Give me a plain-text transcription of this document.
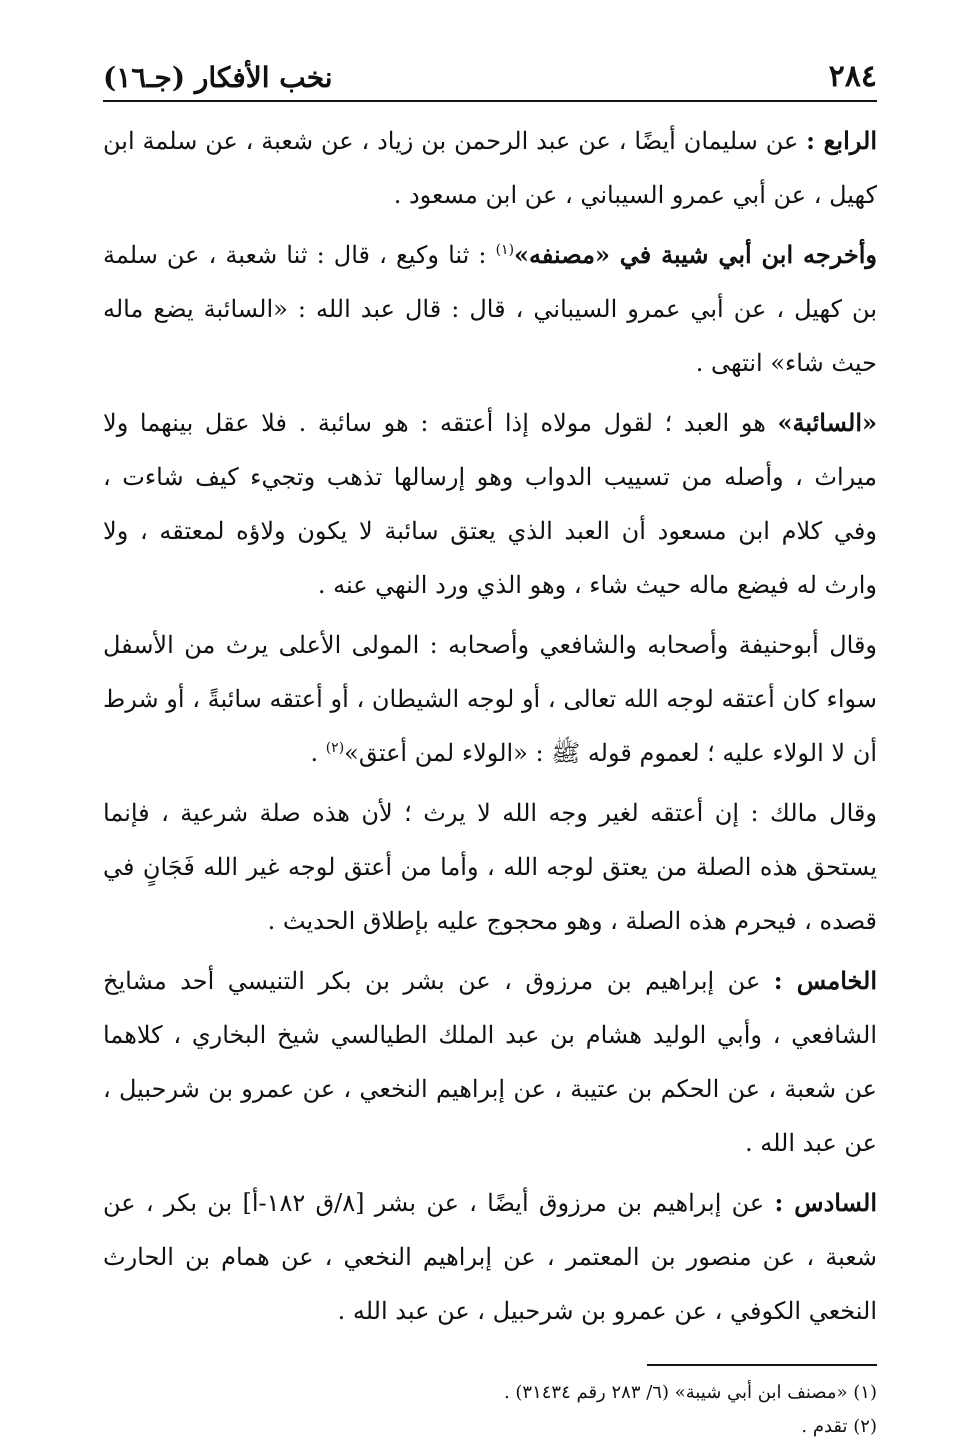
٢٨٤
نخب الأفكار (جـ١٦)

الرابع : عن سليمان أيضًا ، عن عبد الرحمن بن زياد ، عن شعبة ، عن سلمة ابن كهيل ، عن أبي عمرو السيباني ، عن ابن مسعود .

وأخرجه ابن أبي شيبة في «مصنفه»$^{(١)}$ : ثنا وكيع ، قال : ثنا شعبة ، عن سلمة بن كهيل ، عن أبي عمرو السيباني ، قال : قال عبد الله : «السائبة يضع ماله حيث شاء» انتهى .

«السائبة» هو العبد ؛ لقول مولاه إذا أعتقه : هو سائبة . فلا عقل بينهما ولا ميراث ، وأصله من تسييب الدواب وهو إرسالها تذهب وتجيء كيف شاءت ، وفي كلام ابن مسعود أن العبد الذي يعتق سائبة لا يكون ولاؤه لمعتقه ، ولا وارث له فيضع ماله حيث شاء ، وهو الذي ورد النهي عنه .

وقال أبوحنيفة وأصحابه والشافعي وأصحابه : المولى الأعلى يرث من الأسفل سواء كان أعتقه لوجه الله تعالى ، أو لوجه الشيطان ، أو أعتقه سائبةً ، أو شرط أن لا الولاء عليه ؛ لعموم قوله ﷺ : «الولاء لمن أعتق»$^{(٢)}$ .

وقال مالك : إن أعتقه لغير وجه الله لا يرث ؛ لأن هذه صلة شرعية ، فإنما يستحق هذه الصلة من يعتق لوجه الله ، وأما من أعتق لوجه غير الله فَجَانٍ في قصده ، فيحرم هذه الصلة ، وهو محجوج عليه بإطلاق الحديث .

الخامس : عن إبراهيم بن مرزوق ، عن بشر بن بكر التنيسي أحد مشايخ الشافعي ، وأبي الوليد هشام بن عبد الملك الطيالسي شيخ البخاري ، كلاهما عن شعبة ، عن الحكم بن عتيبة ، عن إبراهيم النخعي ، عن عمرو بن شرحبيل ، عن عبد الله .

السادس : عن إبراهيم بن مرزوق أيضًا ، عن بشر [٨/ق ١٨٢-أ] بن بكر ، عن شعبة ، عن منصور بن المعتمر ، عن إبراهيم النخعي ، عن همام بن الحارث النخعي الكوفي ، عن عمرو بن شرحبيل ، عن عبد الله .

(١) «مصنف ابن أبي شيبة» (٦/ ٢٨٣ رقم ٣١٤٣٤) .
(٢) تقدم .
